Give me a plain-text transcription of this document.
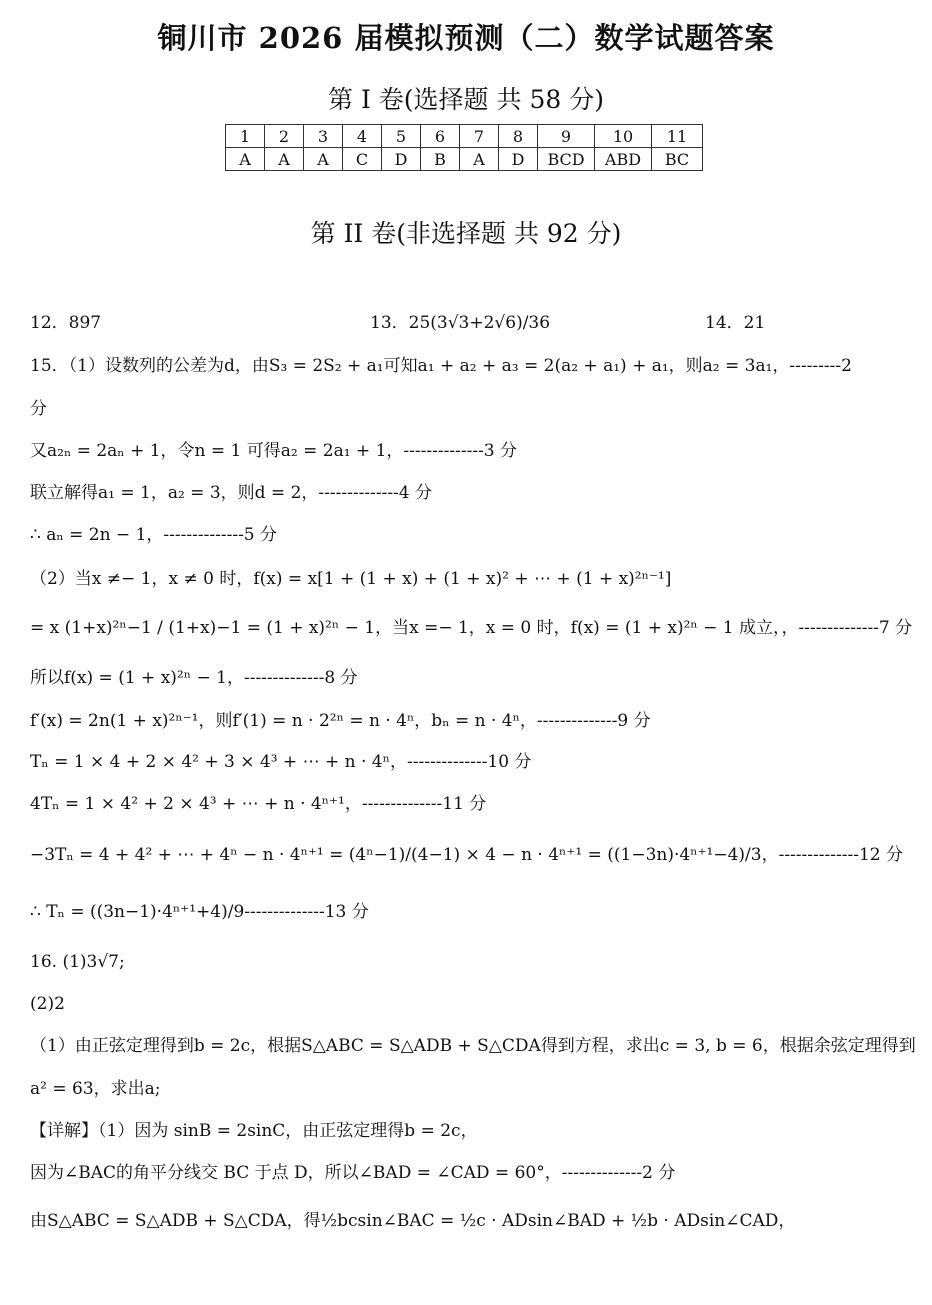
铜川市 2026 届模拟预测（二）数学试题答案
第 I 卷(选择题 共 58 分)
1	2	3	4	5	6	7	8	9	10	11
A	A	A	C	D	B	A	D	BCD	ABD	BC
第 II 卷(非选择题 共 92 分)
12．897	13．25(3√3+2√6)/36	14．21
15．（1）设数列的公差为d，由S₃ = 2S₂ + a₁可知a₁ + a₂ + a₃ = 2(a₂ + a₁) + a₁，则a₂ = 3a₁，---------2
分
又a₂ₙ = 2aₙ + 1，令n = 1 可得a₂ = 2a₁ + 1，--------------3 分
联立解得a₁ = 1，a₂ = 3，则d = 2，--------------4 分
∴ aₙ = 2n − 1，--------------5 分
（2）当x ≠− 1，x ≠ 0 时，f(x) = x[1 + (1 + x) + (1 + x)² + ⋯ + (1 + x)²ⁿ⁻¹]
= x (1+x)²ⁿ−1 / (1+x)−1 = (1 + x)²ⁿ − 1，当x =− 1，x = 0 时，f(x) = (1 + x)²ⁿ − 1 成立，，--------------7 分
所以f(x) = (1 + x)²ⁿ − 1，--------------8 分
f′(x) = 2n(1 + x)²ⁿ⁻¹，则f′(1) = n · 2²ⁿ = n · 4ⁿ，bₙ = n · 4ⁿ，--------------9 分
Tₙ = 1 × 4 + 2 × 4² + 3 × 4³ + ⋯ + n · 4ⁿ，--------------10 分
4Tₙ = 1 × 4² + 2 × 4³ + ⋯ + n · 4ⁿ⁺¹，--------------11 分
−3Tₙ = 4 + 4² + ⋯ + 4ⁿ − n · 4ⁿ⁺¹ = (4ⁿ−1)/(4−1) × 4 − n · 4ⁿ⁺¹ = ((1−3n)·4ⁿ⁺¹−4)/3，--------------12 分
∴ Tₙ = ((3n−1)·4ⁿ⁺¹+4)/9--------------13 分
16. (1)3√7;
(2)2
（1）由正弦定理得到b = 2c，根据S△ABC = S△ADB + S△CDA得到方程，求出c = 3, b = 6，根据余弦定理得到
a² = 63，求出a;
【详解】（1）因为 sinB = 2sinC，由正弦定理得b = 2c，
因为∠BAC的角平分线交 BC 于点 D，所以∠BAD = ∠CAD = 60°，--------------2 分
由S△ABC = S△ADB + S△CDA，得½bcsin∠BAC = ½c · ADsin∠BAD + ½b · ADsin∠CAD，
